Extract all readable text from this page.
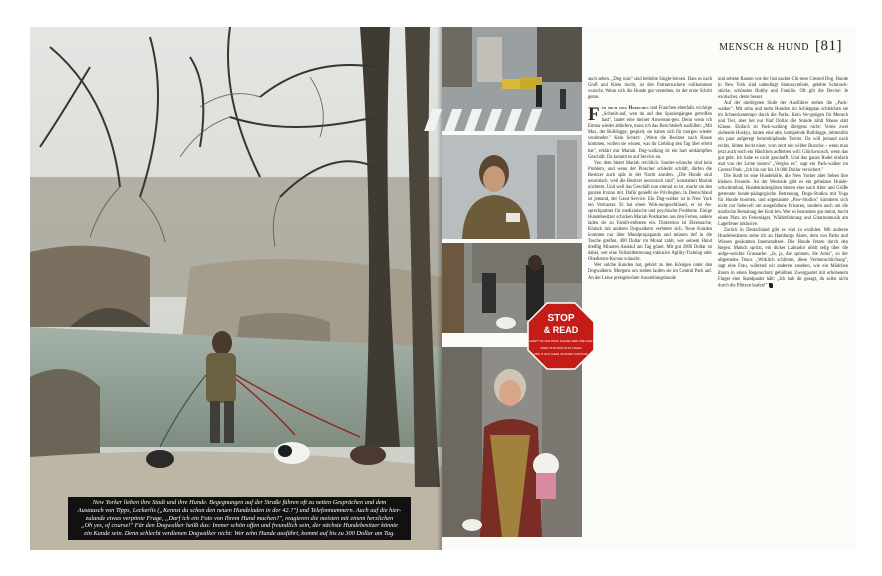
New Yorker lieben ihre Stadt und ihre Hunde. Begegnungen auf der Straße führen oft zu netten Gesprächen und dem
Austausch von Tipps, Leckerlis („Kennst du schon den neuen Hundeladen in der 42.?") und Telefonnummern. Auch auf die hier-
zulande etwas verpönte Frage, „Darf ich ein Foto von Ihrem Hund machen?", reagieren die meisten mit einem herzlichen
„Oh yes, of course!" Für den Dogwalker heißt das: Immer schön offen und freundlich sein, der nächste Hundebesitzer könnte
ein Kunde sein. Denn schlecht verdienen Dogwalker nicht: Wer zehn Hunde ausführt, kommt auf bis zu 300 Dollar am Tag.
MENSCH & HUND [81]

auch sehen. „Dog runs" sind beliebte Single-börsen. Dass es nach Groß und Klein riecht, ist den Partnersuchern vollkommen wurscht. Wenn sich die Hunde gut verstehen, ist der erste Schritt getan.

Für mich sind Herrchen und Frauchen ebenfalls wichtige „Schreib-auf, wen du auf den Spaziergängen getroffen hast", lautet eine meiner Anweisun-gen. Denn wenn ich Emma wieder abliefere, muss ich das Berichtsheft ausfüllen: „Mit Max, der Bulldogge, gespielt, sie haben sich für morgen wieder verabredet." Kein Scherz: „Wenn die Besitzer nach Hause kommen, wollen sie wissen, was ihr Liebling den Tag über erlebt hat", erklärt mir Mariah. Dog-walking ist ein hart umkämpftes Geschäft. Da kommt es auf Service an.

Von dem bietet Mariah reichlich. Sonder-wünsche sind kein Problem, und wenn der Pinscher schlecht schläft, dürfen die Besitzer auch spät in der Nacht anrufen. „Die Hunde sind neurotisch, weil die Besitzer neurotisch sind", konstatiert Mariah nüchtern. Und weil das Geschäft nun einmal so ist, macht sie den ganzen Irrsinn mit. Dafür genießt sie Privilegien. In Deutschland ist jemand, der Gassi-Service. Ein Dog-walker ist in New York ein Vertrauter. Er hat einen Woh-nungsschlüssel, er ist An-sprechpartner für medizinische und psychische Probleme. Einige Hundebesitzer schicken Mariah Postkarten aus den Ferien, andere laden sie zu Famili-enfesten ein. Diskretion ist Ehrensache, Klatsch mit anderen Dogwalkern verbietet sich. Neue Kunden kommen nur über Mundpropaganda und müssen tief in die Tasche greifen. 400 Dollar im Monat zahlt, wer seinem Hund dreißig Minuten Auslauf am Tag gönnt. Mit gut 2000 Dollar ist dabei, wer eine Vollzeitbetreuung inklusive Agility-Training oder Obedience-Kursus wünscht.

Wer solche Kunden hat, gehört zu den Königen unter den Dogwalkern. Morgens um sieben laufen sie im Central Park auf. An der Leine preisgekrönte Ausstellungshunde

und seltene Rassen wie der fast nackte Chi-nese Crested Dog. Hunde in New York sind unbedingt Statussymbole, gelebte Schmuck-stücke, schönstes Hobby und Familie. Oft gilt die Devise: Je exotischer, desto besser.

Auf der niedrigsten Stufe der Ausführer stehen die „Pack-walker". Mit zehn und mehr Hunden im Schlepptau schleichen sie im Schneckentempo durch die Parks. Kein Ver-gnügen für Mensch und Tier, aber bei nur fünf Dollar die Stunde zählt Masse statt Klasse. Einfach ist Pack-walking übrigens nicht: Vorne zwei ziehende Huskys, hinten eine alte, humpelnde Bulldogge, mittendrin ein paar aufgeregt herumhüpfende Terrier. Da will jemand nach rechts, hinten bockt einer, vorn zerrt ein wilder Bursche – wenn man jetzt auch noch ein Häufchen aufheben will: Glückwunsch, wenn das gut geht. Ich habe es nicht geschafft. Und das ganze Rudel einfach mal von der Leine lassen? „Vergiss es", sagt ein Pack-walker im Central Park: „Ich bin nur bis 10 000 Dollar versichert."

Die Stadt ist eine Hundehölle, die New Yorker aber lieben ihre kleinen Freunde. An der Westside gibt es ein geheiztes Hunde-schwimmbad, Hundekindergärten bieten eine nach Alter und Größe getrennte hunde-pädagogische Betreuung, Doga-Studios mit Yoga für Hunde boomen, und sogenannte „Paw-Studios" kümmern sich nicht nur liebevoll um ausgefallene Frisuren, sondern auch um die modische Bemalung der Kral-len. Wer es besonders gut meint, bucht einen Platz im Ferienlager, Wälderfahrung und Gitarrenmusik am Lagerfeuer inklusive.

Zurück in Deutschland gibt es viel zu erzählen. Mit anderen Hundebesitzern stehe ich an Hamburgs Alster, dem von Parks und Wiesen gesäumten Innenstadtsee. Die Hunde fetzen durch den Regen. Matsch spritzt, ein dicker Labrador nöhlt selig über die aufge-weichte Grasnarbe. „Ja, ja, die spinnen, die Amis", so der allgemeine Tenor. „Wirklich schlimm, diese Vermenschlichung", sagt eine Frau, während wir anderen zusehen, wie ein Mädchen ihrem in einen Regenschutz gehüllten Zwergpudel mit erhobenem Finger eine Standpauke hält: „Ich hab dir gesagt, du sollst nicht durch die Pfützen laufen!"

STOP
& READ
FOR THE SAFETY OF OUR DOGS, PLEASE OPEN ONE GATE AT A TIME
KEEP OUR DOG RUN CLEAN
PICK IT UP & CLEAN UP AFTER YOUR DOG!
